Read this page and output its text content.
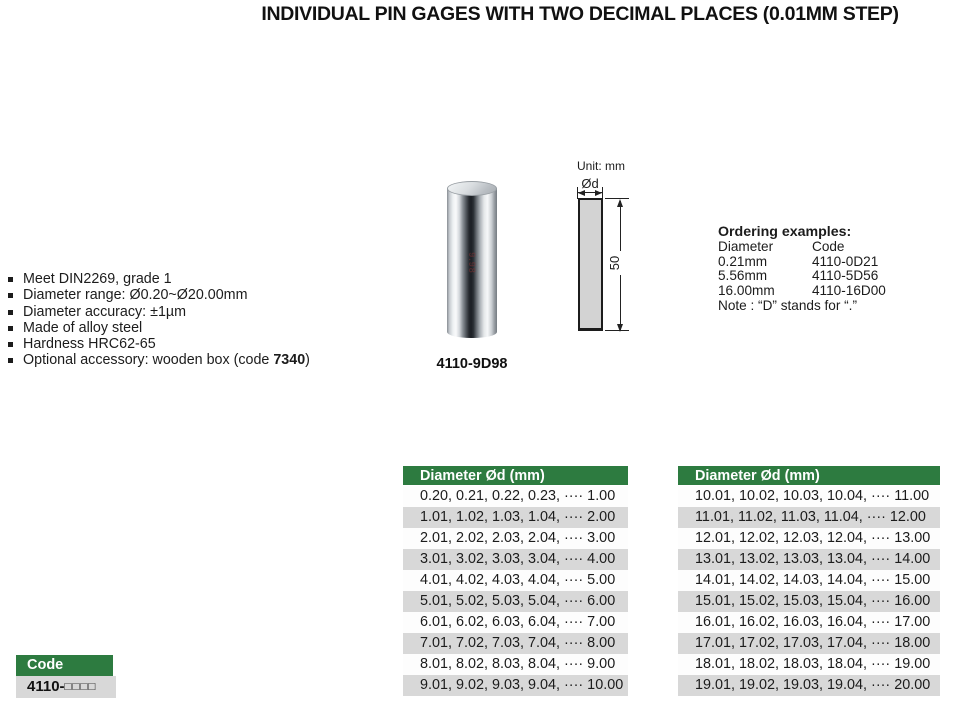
INDIVIDUAL PIN GAGES WITH TWO DECIMAL PLACES (0.01MM STEP)
Meet DIN2269, grade 1
Diameter range: Ø0.20~Ø20.00mm
Diameter accuracy: ±1µm
Made of alloy steel
Hardness HRC62-65
Optional accessory: wooden box (code 7340)
9.98
4110-9D98
Unit: mm
Ød
50
Ordering examples:
Diameter	Code
0.21mm	4110-0D21
5.56mm	4110-5D56
16.00mm	4110-16D00
Note : “D” stands for “.”
Diameter Ød (mm)
0.20, 0.21, 0.22, 0.23, ···· 1.00
1.01, 1.02, 1.03, 1.04, ···· 2.00
2.01, 2.02, 2.03, 2.04, ···· 3.00
3.01, 3.02, 3.03, 3.04, ···· 4.00
4.01, 4.02, 4.03, 4.04, ···· 5.00
5.01, 5.02, 5.03, 5.04, ···· 6.00
6.01, 6.02, 6.03, 6.04, ···· 7.00
7.01, 7.02, 7.03, 7.04, ···· 8.00
8.01, 8.02, 8.03, 8.04, ···· 9.00
9.01, 9.02, 9.03, 9.04, ···· 10.00
Diameter Ød (mm)
10.01, 10.02, 10.03, 10.04, ···· 11.00
11.01, 11.02, 11.03, 11.04, ···· 12.00
12.01, 12.02, 12.03, 12.04, ···· 13.00
13.01, 13.02, 13.03, 13.04, ···· 14.00
14.01, 14.02, 14.03, 14.04, ···· 15.00
15.01, 15.02, 15.03, 15.04, ···· 16.00
16.01, 16.02, 16.03, 16.04, ···· 17.00
17.01, 17.02, 17.03, 17.04, ···· 18.00
18.01, 18.02, 18.03, 18.04, ···· 19.00
19.01, 19.02, 19.03, 19.04, ···· 20.00
Code
4110-□□□□
